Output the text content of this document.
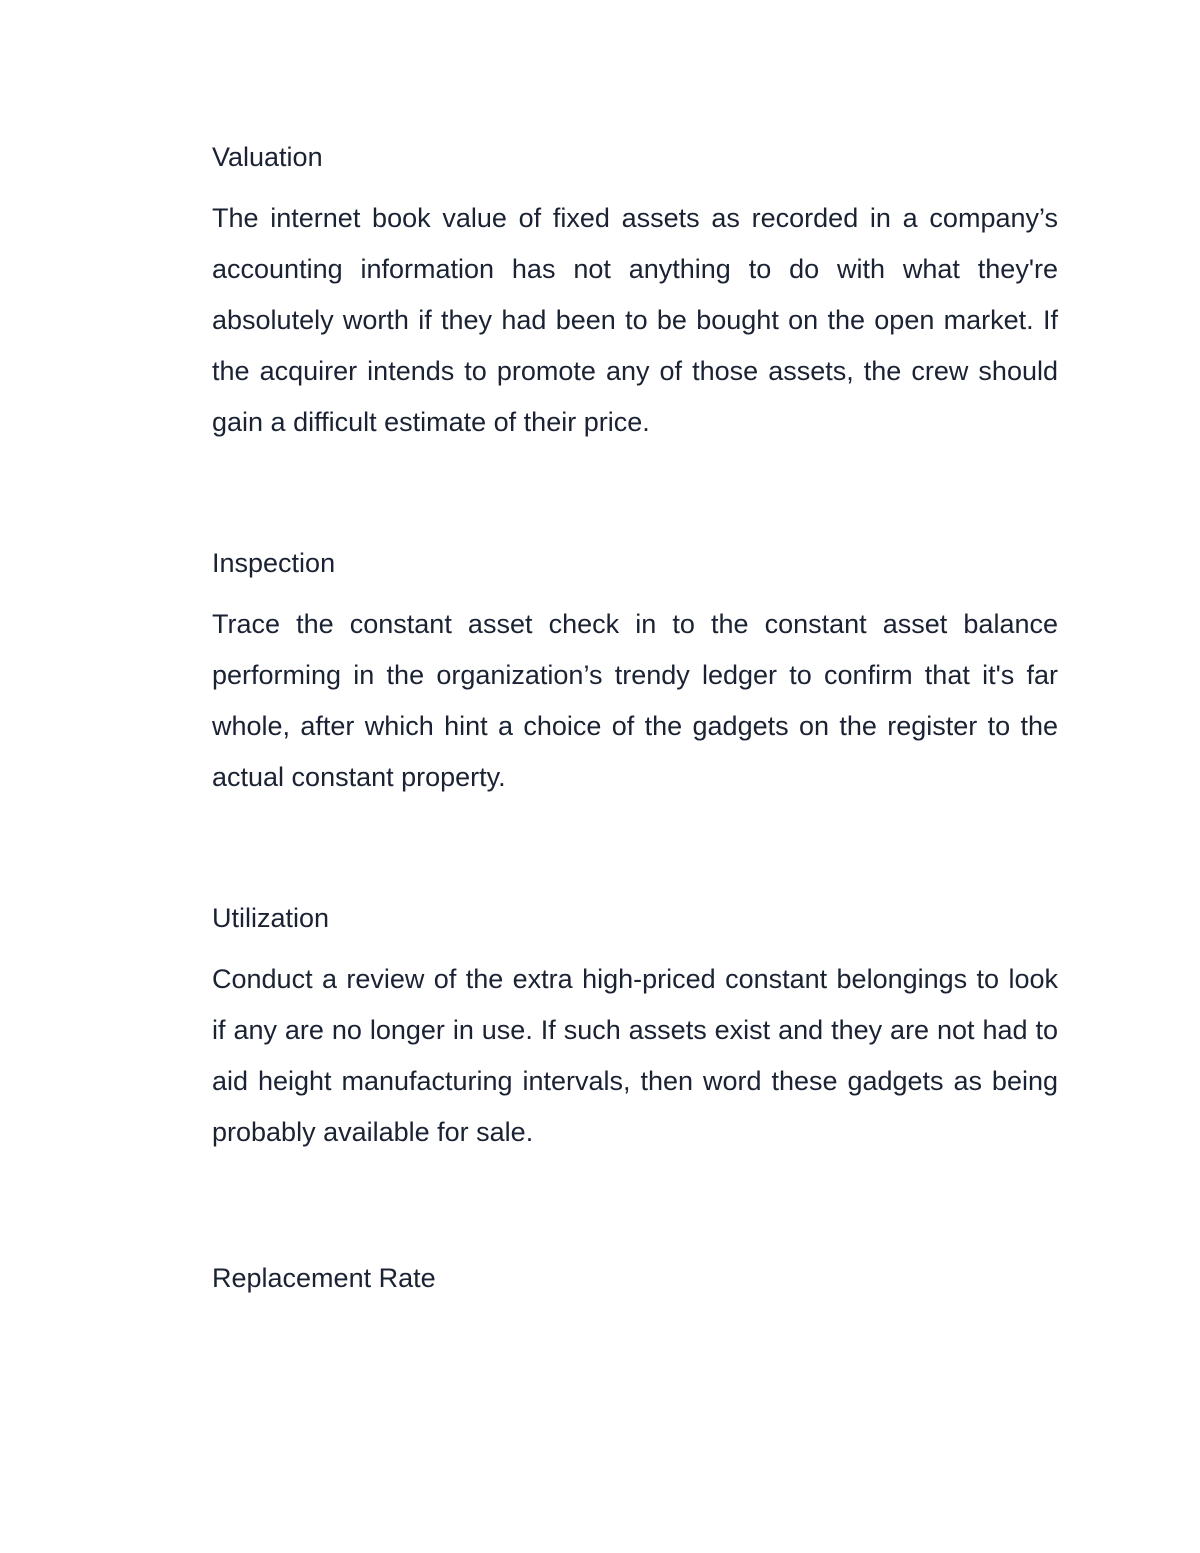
Valuation

The internet book value of fixed assets as recorded in a company’s accounting information has not anything to do with what they're absolutely worth if they had been to be bought on the open market. If the acquirer intends to promote any of those assets, the crew should gain a difficult estimate of their price.

Inspection

Trace the constant asset check in to the constant asset balance performing in the organization’s trendy ledger to confirm that it's far whole, after which hint a choice of the gadgets on the register to the actual constant property.

Utilization

Conduct a review of the extra high-priced constant belongings to look if any are no longer in use. If such assets exist and they are not had to aid height manufacturing intervals, then word these gadgets as being probably available for sale.

Replacement Rate
